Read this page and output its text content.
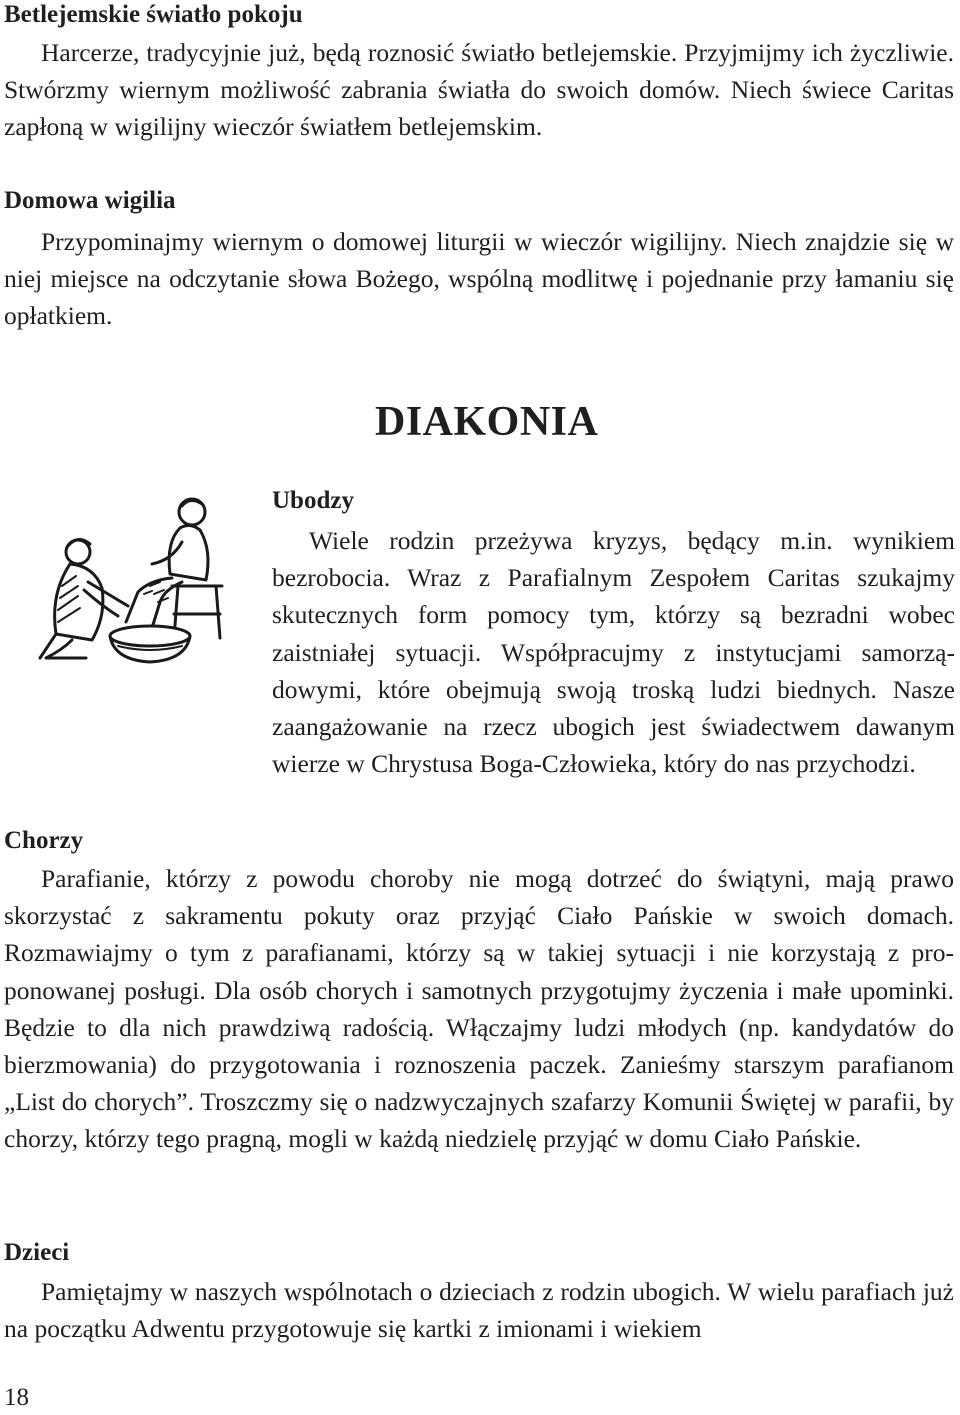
Betlejemskie światło pokoju

Harcerze, tradycyjnie już, będą roznosić światło betlejemskie. Przyjmijmy ich życzliwie. Stwórzmy wiernym możliwość zabrania światła do swoich domów. Niech świece Caritas zapłoną w wigilijny wieczór światłem betlejemskim.

Domowa wigilia

Przypominajmy wiernym o domowej liturgii w wieczór wigilijny. Niech znajdzie się w niej miejsce na odczytanie słowa Bożego, wspólną modlitwę i pojednanie przy łamaniu się opłatkiem.

DIAKONIA
Ubodzy

Wiele rodzin przeżywa kryzys, będący m.in. wynikiem bezrobocia. Wraz z Parafialnym Zespołem Caritas szukajmy skutecznych form pomocy tym, którzy są bezradni wobec zaistniałej sytuacji. Współpracujmy z instytucjami samorządowymi, które obejmują swoją troską ludzi biednych. Nasze zaangażowanie na rzecz ubogich jest świadectwem dawanym wierze w Chrystusa Boga-Człowieka, który do nas przychodzi.

Chorzy

Parafianie, którzy z powodu choroby nie mogą dotrzeć do świątyni, mają prawo skorzystać z sakramentu pokuty oraz przyjąć Ciało Pańskie w swoich domach. Rozmawiajmy o tym z parafianami, którzy są w takiej sytuacji i nie korzystają z proponowanej posługi. Dla osób chorych i samotnych przygotujmy życzenia i małe upominki. Będzie to dla nich prawdziwą radością. Włączajmy ludzi młodych (np. kandydatów do bierzmowania) do przygotowania i roznoszenia paczek. Zanieśmy starszym parafianom „List do chorych”. Troszczmy się o nadzwyczajnych szafarzy Komunii Świętej w parafii, by chorzy, którzy tego pragną, mogli w każdą niedzielę przyjąć w domu Ciało Pańskie.

Dzieci

Pamiętajmy w naszych wspólnotach o dzieciach z rodzin ubogich. W wielu parafiach już na początku Adwentu przygotowuje się kartki z imionami i wiekiem

18
